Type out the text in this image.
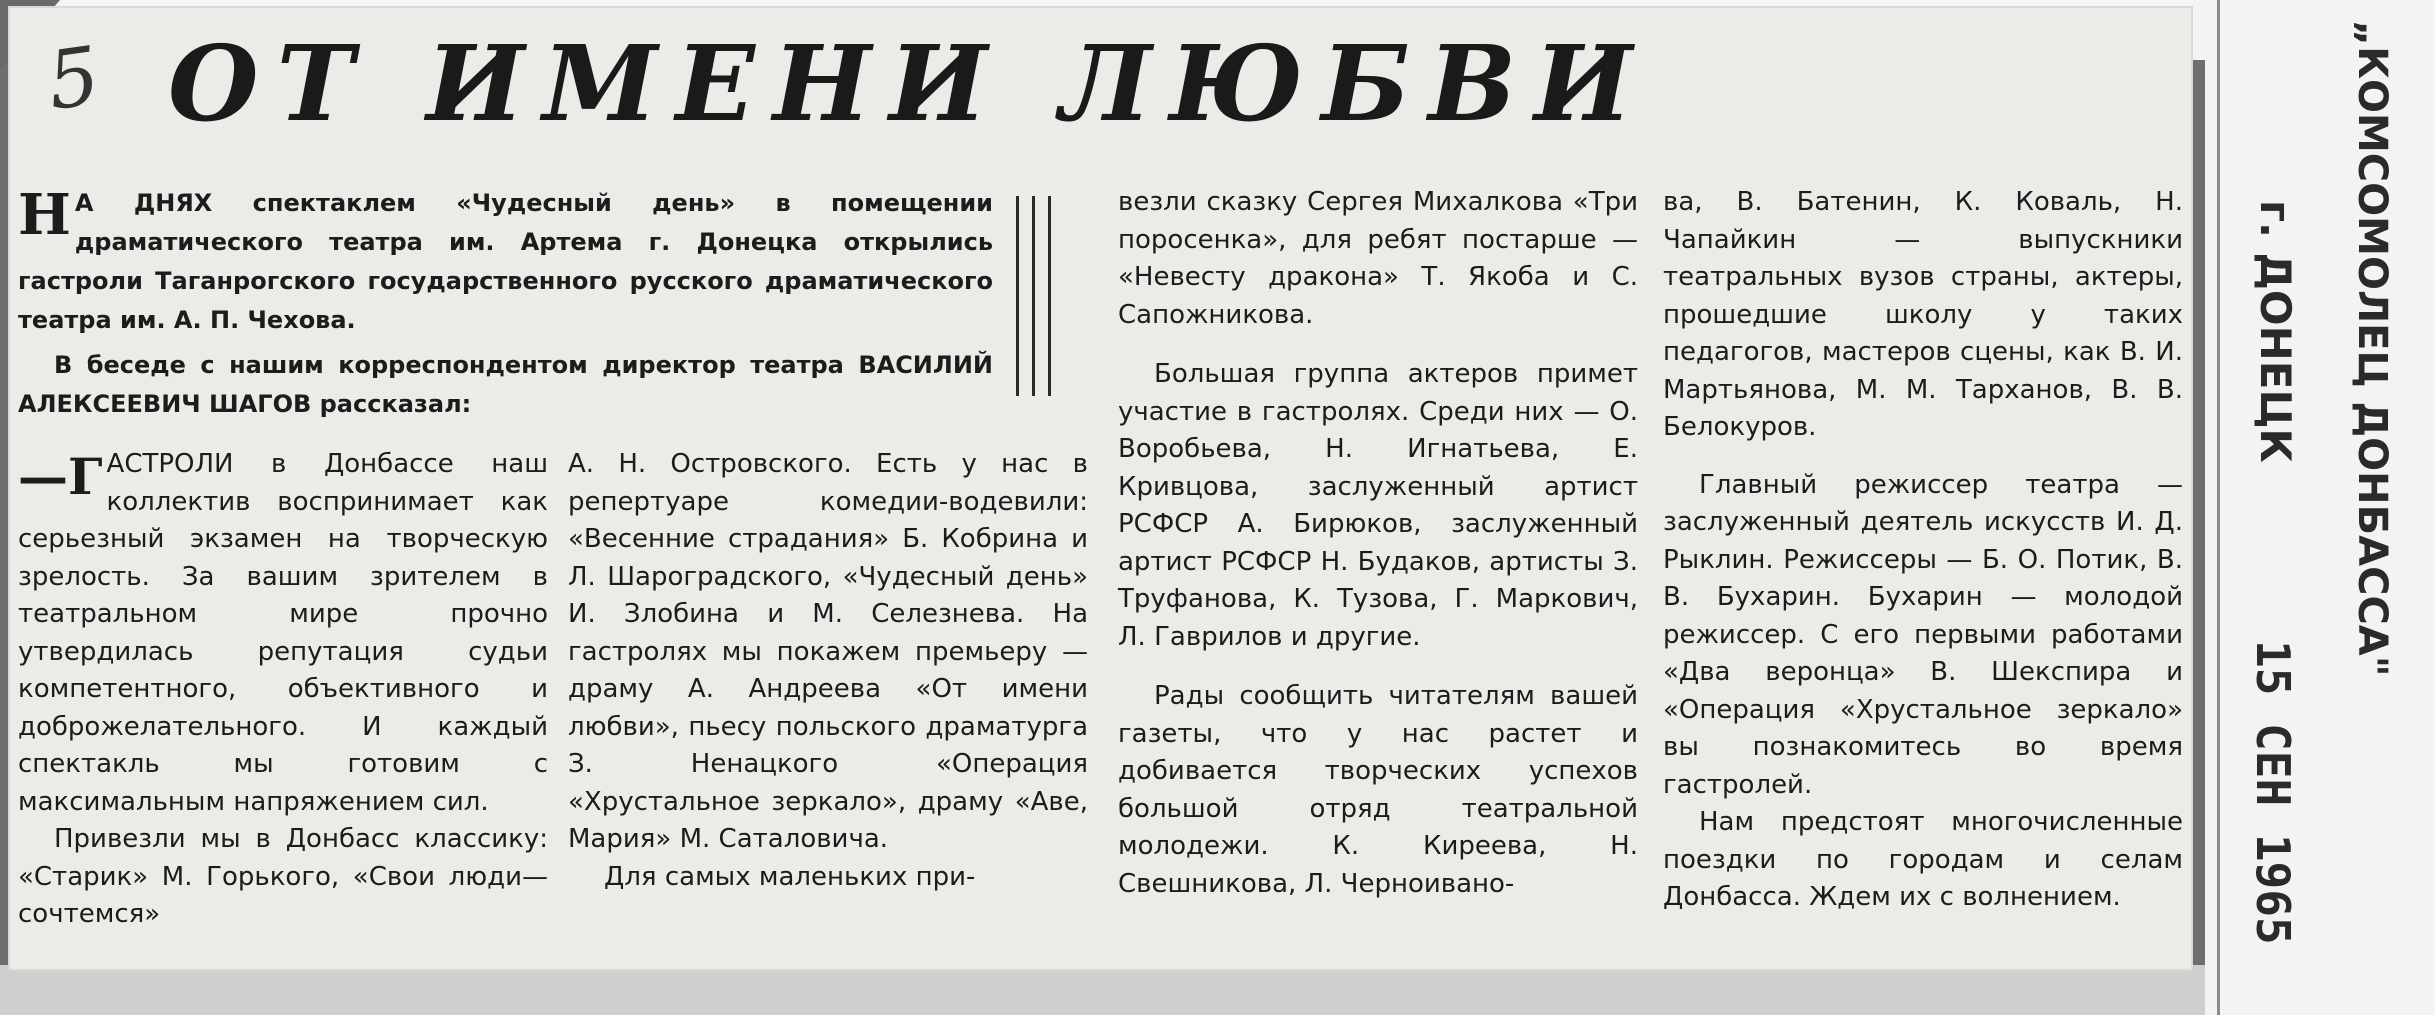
5 ОТ ИМЕНИ ЛЮБВИ
Н А ДНЯХ спектаклем «Чудесный день» в помещении драматического театра им. Артема г. Донецка открылись гастроли Таганрогского государственного русского драматического театра им. А. П. Чехова.

В беседе с нашим корреспондентом директор театра ВАСИЛИЙ АЛЕКСЕЕВИЧ ШАГОВ рассказал:

—Г АСТРОЛИ в Донбассе наш коллектив воспринимает как серьезный экзамен на творческую зрелость. За вашим зрителем в театральном мире прочно утвердилась репутация судьи компетентного, объективного и доброжелательного. И каждый спектакль мы готовим с максимальным напряжением сил.

Привезли мы в Донбасс классику: «Старик» М. Горького, «Свои люди—сочтемся»

А. Н. Островского. Есть у нас в репертуаре комедии-водевили: «Весенние страдания» Б. Кобрина и Л. Шароградского, «Чудесный день» И. Злобина и М. Селезнева. На гастролях мы покажем премьеру —драму А. Андреева «От имени любви», пьесу польского драматурга З. Ненацкого «Операция «Хрустальное зеркало», драму «Аве, Мария» М. Саталовича.

Для самых маленьких при-

везли сказку Сергея Михалкова «Три поросенка», для ребят постарше — «Невесту дракона» Т. Якоба и С. Сапожникова.

Большая группа актеров примет участие в гастролях. Среди них — О. Воробьева, Н. Игнатьева, Е. Кривцова, заслуженный артист РСФСР А. Бирюков, заслуженный артист РСФСР Н. Будаков, артисты З. Труфанова, К. Тузова, Г. Маркович, Л. Гаврилов и другие.

Рады сообщить читателям вашей газеты, что у нас растет и добивается творческих успехов большой отряд театральной молодежи. К. Киреева, Н. Свешникова, Л. Черноивано-

ва, В. Батенин, К. Коваль, Н. Чапайкин — выпускники театральных вузов страны, актеры, прошедшие школу у таких педагогов, мастеров сцены, как В. И. Мартьянова, М. М. Тарханов, В. В. Белокуров.

Главный режиссер театра — заслуженный деятель искусств И. Д. Рыклин. Режиссеры — Б. О. Потик, В. В. Бухарин. Бухарин — молодой режиссер. С его первыми работами «Два веронца» В. Шекспира и «Операция «Хрустальное зеркало» вы познакомитесь во время гастролей.

Нам предстоят многочисленные поездки по городам и селам Донбасса. Ждем их с волнением.

„КОМСОМОЛЕЦ ДОНБАССА"
г. ДОНЕЦК
15 СЕН 1965
